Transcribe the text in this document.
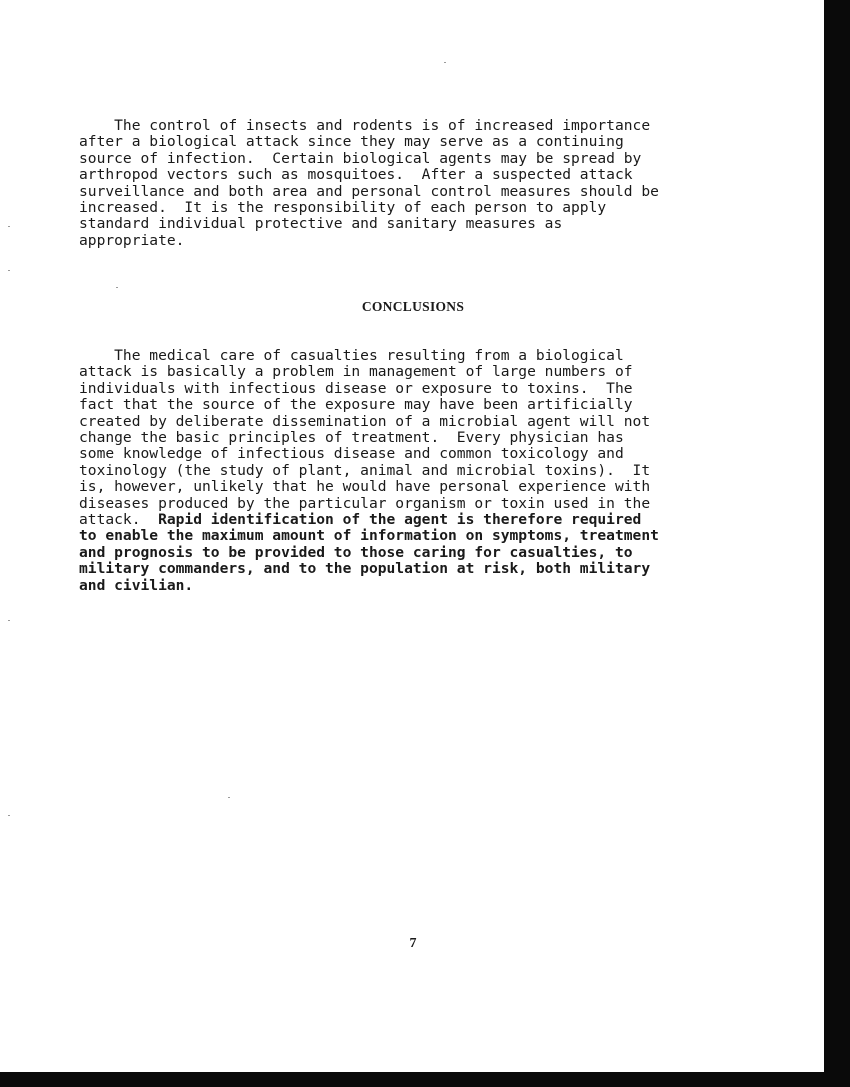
The control of insects and rodents is of increased importance
after a biological attack since they may serve as a continuing
source of infection.  Certain biological agents may be spread by
arthropod vectors such as mosquitoes.  After a suspected attack
surveillance and both area and personal control measures should be
increased.  It is the responsibility of each person to apply
standard individual protective and sanitary measures as
appropriate.
CONCLUSIONS
The medical care of casualties resulting from a biological
attack is basically a problem in management of large numbers of
individuals with infectious disease or exposure to toxins.  The
fact that the source of the exposure may have been artificially
created by deliberate dissemination of a microbial agent will not
change the basic principles of treatment.  Every physician has
some knowledge of infectious disease and common toxicology and
toxinology (the study of plant, animal and microbial toxins).  It
is, however, unlikely that he would have personal experience with
diseases produced by the particular organism or toxin used in the
attack.  Rapid identification of the agent is therefore required
to enable the maximum amount of information on symptoms, treatment
and prognosis to be provided to those caring for casualties, to
military commanders, and to the population at risk, both military
and civilian.
7
